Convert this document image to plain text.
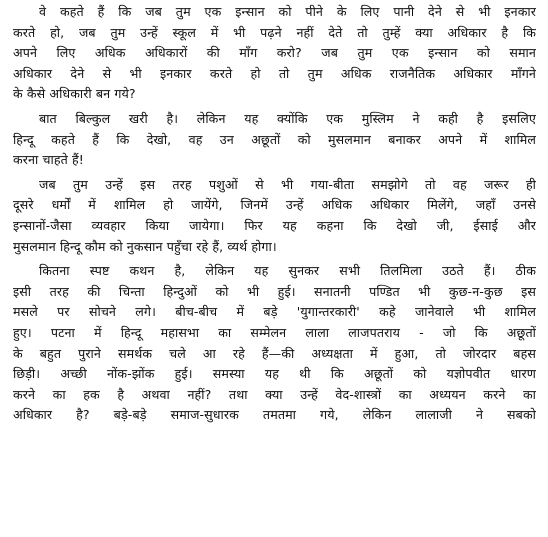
वे कहते हैं कि जब तुम एक इन्सान को पीने के लिए पानी देने से भी इनकार
करते हो, जब तुम उन्हें स्कूल में भी पढ़ने नहीं देते तो तुम्हें क्या अधिकार है कि
अपने लिए अधिक अधिकारों की माँग करो? जब तुम एक इन्सान को समान
अधिकार देने से भी इनकार करते हो तो तुम अधिक राजनैतिक अधिकार माँगने
के कैसे अधिकारी बन गये?
बात बिल्कुल खरी है। लेकिन यह क्योंकि एक मुस्लिम ने कही है इसलिए
हिन्दू कहते हैं कि देखो, वह उन अछूतों को मुसलमान बनाकर अपने में शामिल
करना चाहते हैं!
जब तुम उन्हें इस तरह पशुओं से भी गया-बीता समझोगे तो वह जरूर ही
दूसरे धर्मों में शामिल हो जायेंगे, जिनमें उन्हें अधिक अधिकार मिलेंगे, जहाँ उनसे
इन्सानों-जैसा व्यवहार किया जायेगा। फिर यह कहना कि देखो जी, ईसाई और
मुसलमान हिन्दू कौम को नुकसान पहुँचा रहे हैं, व्यर्थ होगा।
कितना स्पष्ट कथन है, लेकिन यह सुनकर सभी तिलमिला उठते हैं। ठीक
इसी तरह की चिन्ता हिन्दुओं को भी हुई। सनातनी पण्डित भी कुछ-न-कुछ इस
मसले पर सोचने लगे। बीच-बीच में बड़े 'युगान्तरकारी' कहे जानेवाले भी शामिल
हुए। पटना में हिन्दू महासभा का सम्मेलन लाला लाजपतराय - जो कि अछूतों
के बहुत पुराने समर्थक चले आ रहे हैं—की अध्यक्षता में हुआ, तो जोरदार बहस
छिड़ी। अच्छी नोंक-झोंक हुई। समस्या यह थी कि अछूतों को यज्ञोपवीत धारण
करने का हक है अथवा नहीं? तथा क्या उन्हें वेद-शास्त्रों का अध्ययन करने का
अधिकार है? बड़े-बड़े समाज-सुधारक तमतमा गये, लेकिन लालाजी ने सबको
